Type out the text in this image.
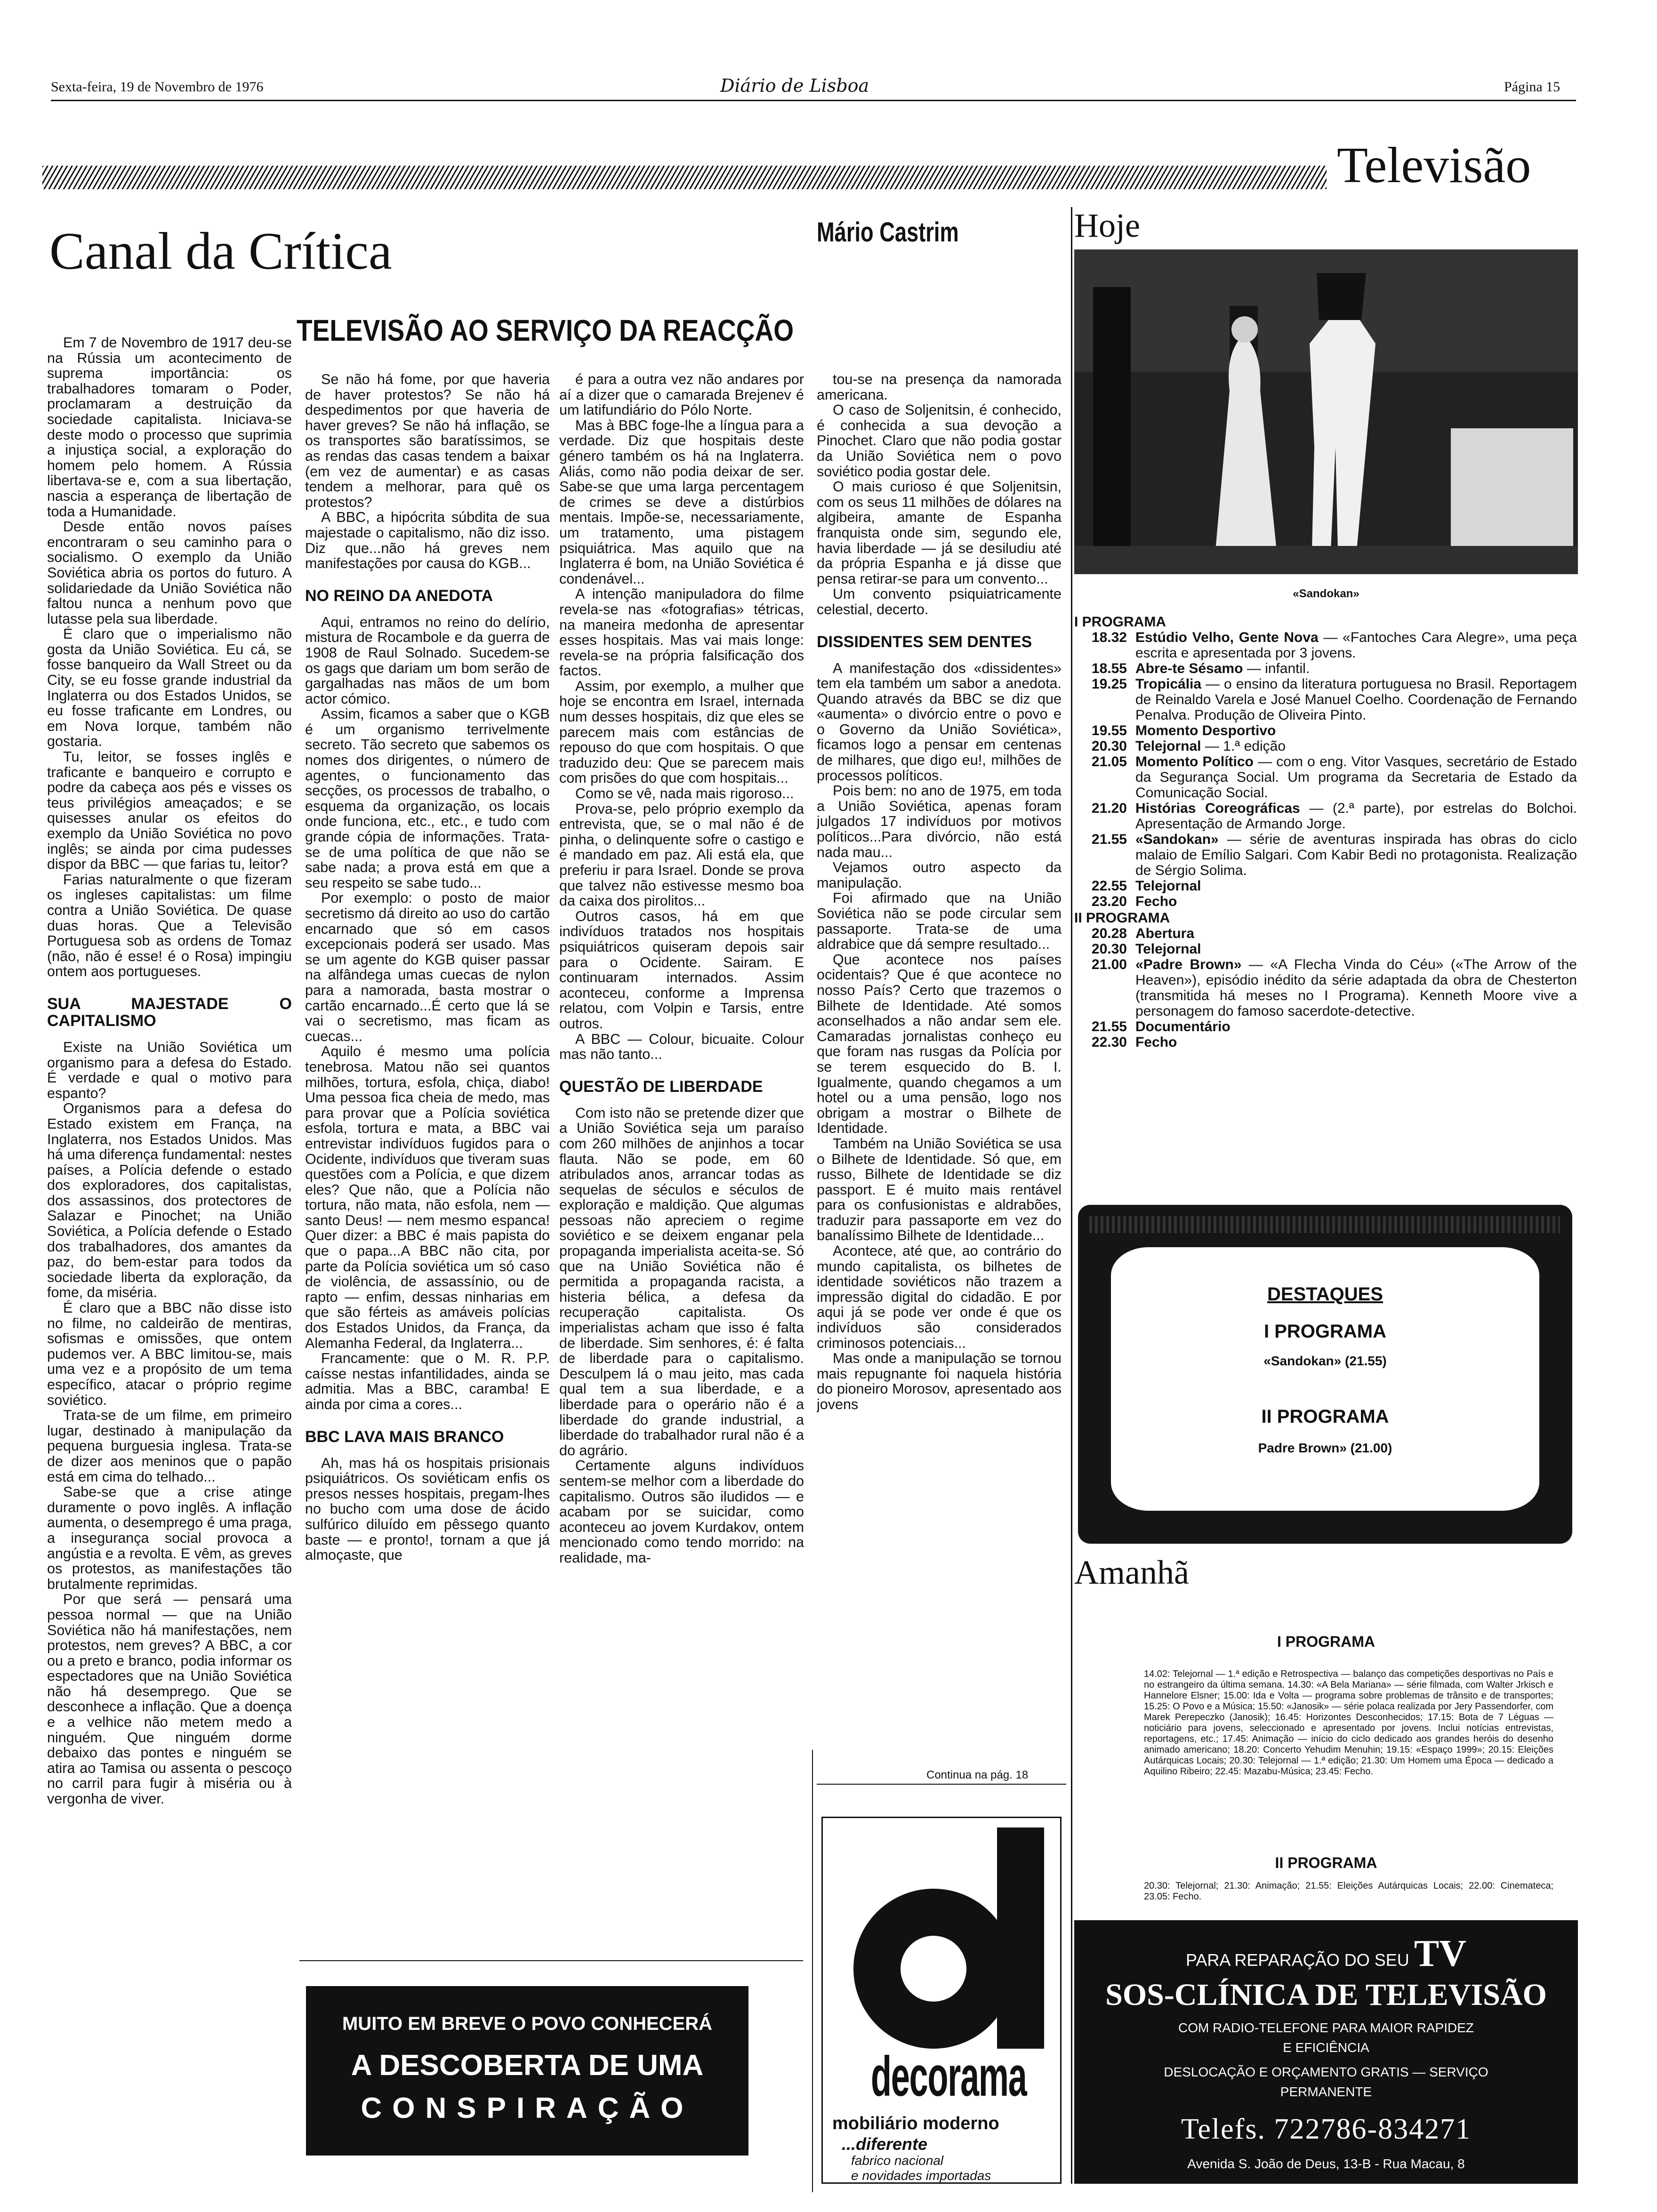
Sexta-feira, 19 de Novembro de 1976	Diário de Lisboa	Página 15
Televisão
Canal da Crítica	Mário Castrim
TELEVISÃO AO SERVIÇO DA REACÇÃO

Em 7 de Novembro de 1917 deu-se na Rússia um acontecimento de suprema importância: os trabalhadores tomaram o Poder, proclamaram a destruição da sociedade capitalista. Iniciava-se deste modo o processo que suprimia a injustiça social, a exploração do homem pelo homem. A Rússia libertava-se e, com a sua libertação, nascia a esperança de libertação de toda a Humanidade.

Desde então novos países encontraram o seu caminho para o socialismo. O exemplo da União Soviética abria os portos do futuro. A solidariedade da União Soviética não faltou nunca a nenhum povo que lutasse pela sua liberdade.

É claro que o imperialismo não gosta da União Soviética. Eu cá, se fosse banqueiro da Wall Street ou da City, se eu fosse grande industrial da Inglaterra ou dos Estados Unidos, se eu fosse traficante em Londres, ou em Nova Iorque, também não gostaria.

Tu, leitor, se fosses inglês e traficante e banqueiro e corrupto e podre da cabeça aos pés e visses os teus privilégios ameaçados; e se quisesses anular os efeitos do exemplo da União Soviética no povo inglês; se ainda por cima pudesses dispor da BBC — que farias tu, leitor?

Farias naturalmente o que fizeram os ingleses capitalistas: um filme contra a União Soviética. De quase duas horas. Que a Televisão Portuguesa sob as ordens de Tomaz (não, não é esse! é o Rosa) impingiu ontem aos portugueses.

SUA MAJESTADE O CAPITALISMO

Existe na União Soviética um organismo para a defesa do Estado. É verdade e qual o motivo para espanto?

Organismos para a defesa do Estado existem em França, na Inglaterra, nos Estados Unidos. Mas há uma diferença fundamental: nestes países, a Polícia defende o estado dos exploradores, dos capitalistas, dos assassinos, dos protectores de Salazar e Pinochet; na União Soviética, a Polícia defende o Estado dos trabalhadores, dos amantes da paz, do bem-estar para todos da sociedade liberta da exploração, da fome, da miséria.

É claro que a BBC não disse isto no filme, no caldeirão de mentiras, sofismas e omissões, que ontem pudemos ver. A BBC limitou-se, mais uma vez e a propósito de um tema específico, atacar o próprio regime soviético.

Trata-se de um filme, em primeiro lugar, destinado à manipulação da pequena burguesia inglesa. Trata-se de dizer aos meninos que o papão está em cima do telhado...

Sabe-se que a crise atinge duramente o povo inglês. A inflação aumenta, o desemprego é uma praga, a insegurança social provoca a angústia e a revolta. E vêm, as greves os protestos, as manifestações tão brutalmente reprimidas.

Por que será — pensará uma pessoa normal — que na União Soviética não há manifestações, nem protestos, nem greves? A BBC, a cor ou a preto e branco, podia informar os espectadores que na União Soviética não há desemprego. Que se desconhece a inflação. Que a doença e a velhice não metem medo a ninguém. Que ninguém dorme debaixo das pontes e ninguém se atira ao Tamisa ou assenta o pescoço no carril para fugir à miséria ou à vergonha de viver.

Se não há fome, por que haveria de haver protestos? Se não há despedimentos por que haveria de haver greves? Se não há inflação, se os transportes são baratíssimos, se as rendas das casas tendem a baixar (em vez de aumentar) e as casas tendem a melhorar, para quê os protestos?

A BBC, a hipócrita súbdita de sua majestade o capitalismo, não diz isso. Diz que...não há greves nem manifestações por causa do KGB...

NO REINO DA ANEDOTA

Aqui, entramos no reino do delírio, mistura de Rocambole e da guerra de 1908 de Raul Solnado. Sucedem-se os gags que dariam um bom serão de gargalhadas nas mãos de um bom actor cómico.

Assim, ficamos a saber que o KGB é um organismo terrivelmente secreto. Tão secreto que sabemos os nomes dos dirigentes, o número de agentes, o funcionamento das secções, os processos de trabalho, o esquema da organização, os locais onde funciona, etc., etc., e tudo com grande cópia de informações. Trata-se de uma política de que não se sabe nada; a prova está em que a seu respeito se sabe tudo...

Por exemplo: o posto de maior secretismo dá direito ao uso do cartão encarnado que só em casos excepcionais poderá ser usado. Mas se um agente do KGB quiser passar na alfândega umas cuecas de nylon para a namorada, basta mostrar o cartão encarnado...É certo que lá se vai o secretismo, mas ficam as cuecas...

Aquilo é mesmo uma polícia tenebrosa. Matou não sei quantos milhões, tortura, esfola, chiça, diabo! Uma pessoa fica cheia de medo, mas para provar que a Polícia soviética esfola, tortura e mata, a BBC vai entrevistar indivíduos fugidos para o Ocidente, indivíduos que tiveram suas questões com a Polícia, e que dizem eles? Que não, que a Polícia não tortura, não mata, não esfola, nem — santo Deus! — nem mesmo espanca! Quer dizer: a BBC é mais papista do que o papa...A BBC não cita, por parte da Polícia soviética um só caso de violência, de assassínio, ou de rapto — enfim, dessas ninharias em que são férteis as amáveis polícias dos Estados Unidos, da França, da Alemanha Federal, da Inglaterra...

Francamente: que o M. R. P.P. caísse nestas infantilidades, ainda se admitia. Mas a BBC, caramba! E ainda por cima a cores...

BBC LAVA MAIS BRANCO

Ah, mas há os hospitais prisionais psiquiátricos. Os soviéticam enfis os presos nesses hospitais, pregam-lhes no bucho com uma dose de ácido sulfúrico diluído em pêssego quanto baste — e pronto!, tornam a que já almoçaste, que

é para a outra vez não andares por aí a dizer que o camarada Brejenev é um latifundiário do Pólo Norte.

Mas à BBC foge-lhe a língua para a verdade. Diz que hospitais deste género também os há na Inglaterra. Aliás, como não podia deixar de ser. Sabe-se que uma larga percentagem de crimes se deve a distúrbios mentais. Impõe-se, necessariamente, um tratamento, uma pistagem psiquiátrica. Mas aquilo que na Inglaterra é bom, na União Soviética é condenável...

A intenção manipuladora do filme revela-se nas «fotografias» tétricas, na maneira medonha de apresentar esses hospitais. Mas vai mais longe: revela-se na própria falsificação dos factos.

Assim, por exemplo, a mulher que hoje se encontra em Israel, internada num desses hospitais, diz que eles se parecem mais com estâncias de repouso do que com hospitais. O que traduzido deu: Que se parecem mais com prisões do que com hospitais...

Como se vê, nada mais rigoroso...

Prova-se, pelo próprio exemplo da entrevista, que, se o mal não é de pinha, o delinquente sofre o castigo e é mandado em paz. Ali está ela, que preferiu ir para Israel. Donde se prova que talvez não estivesse mesmo boa da caixa dos pirolitos...

Outros casos, há em que indivíduos tratados nos hospitais psiquiátricos quiseram depois sair para o Ocidente. Sairam. E continuaram internados. Assim aconteceu, conforme a Imprensa relatou, com Volpin e Tarsis, entre outros.

A BBC — Colour, bicuaite. Colour mas não tanto...

QUESTÃO DE LIBERDADE

Com isto não se pretende dizer que a União Soviética seja um paraíso com 260 milhões de anjinhos a tocar flauta. Não se pode, em 60 atribulados anos, arrancar todas as sequelas de séculos e séculos de exploração e maldição. Que algumas pessoas não apreciem o regime soviético e se deixem enganar pela propaganda imperialista aceita-se. Só que na União Soviética não é permitida a propaganda racista, a histeria bélica, a defesa da recuperação capitalista. Os imperialistas acham que isso é falta de liberdade. Sim senhores, é: é falta de liberdade para o capitalismo. Desculpem lá o mau jeito, mas cada qual tem a sua liberdade, e a liberdade para o operário não é a liberdade do grande industrial, a liberdade do trabalhador rural não é a do agrário.

Certamente alguns indivíduos sentem-se melhor com a liberdade do capitalismo. Outros são iludidos — e acabam por se suicidar, como aconteceu ao jovem Kurdakov, ontem mencionado como tendo morrido: na realidade, ma-

tou-se na presença da namorada americana.

O caso de Soljenitsin, é conhecido, é conhecida a sua devoção a Pinochet. Claro que não podia gostar da União Soviética nem o povo soviético podia gostar dele.

O mais curioso é que Soljenitsin, com os seus 11 milhões de dólares na algibeira, amante de Espanha franquista onde sim, segundo ele, havia liberdade — já se desiludiu até da própria Espanha e já disse que pensa retirar-se para um convento...

Um convento psiquiatricamente celestial, decerto.

DISSIDENTES SEM DENTES

A manifestação dos «dissidentes» tem ela também um sabor a anedota. Quando através da BBC se diz que «aumenta» o divórcio entre o povo e o Governo da União Soviética», ficamos logo a pensar em centenas de milhares, que digo eu!, milhões de processos políticos.

Pois bem: no ano de 1975, em toda a União Soviética, apenas foram julgados 17 indivíduos por motivos políticos...Para divórcio, não está nada mau...

Vejamos outro aspecto da manipulação.

Foi afirmado que na União Soviética não se pode circular sem passaporte. Trata-se de uma aldrabice que dá sempre resultado...

Que acontece nos países ocidentais? Que é que acontece no nosso País? Certo que trazemos o Bilhete de Identidade. Até somos aconselhados a não andar sem ele. Camaradas jornalistas conheço eu que foram nas rusgas da Polícia por se terem esquecido do B. I. Igualmente, quando chegamos a um hotel ou a uma pensão, logo nos obrigam a mostrar o Bilhete de Identidade.

Também na União Soviética se usa o Bilhete de Identidade. Só que, em russo, Bilhete de Identidade se diz passport. E é muito mais rentável para os confusionistas e aldrabões, traduzir para passaporte em vez do banalíssimo Bilhete de Identidade...

Acontece, até que, ao contrário do mundo capitalista, os bilhetes de identidade soviéticos não trazem a impressão digital do cidadão. E por aqui já se pode ver onde é que os indivíduos são considerados criminosos potenciais...

Mas onde a manipulação se tornou mais repugnante foi naquela história do pioneiro Morosov, apresentado aos jovens

Continua na pág. 18
Hoje
«Sandokan»
I PROGRAMA
18.32 Estúdio Velho, Gente Nova — «Fantoches Cara Alegre», uma peça escrita e apresentada por 3 jovens.
18.55 Abre-te Sésamo — infantil.
19.25 Tropicália — o ensino da literatura portuguesa no Brasil. Reportagem de Reinaldo Varela e José Manuel Coelho. Coordenação de Fernando Penalva. Produção de Oliveira Pinto.
19.55 Momento Desportivo
20.30 Telejornal — 1.ª edição
21.05 Momento Político — com o eng. Vitor Vasques, secretário de Estado da Segurança Social. Um programa da Secretaria de Estado da Comunicação Social.
21.20 Histórias Coreográficas — (2.ª parte), por estrelas do Bolchoi. Apresentação de Armando Jorge.
21.55 «Sandokan» — série de aventuras inspirada has obras do ciclo malaio de Emílio Salgari. Com Kabir Bedi no protagonista. Realização de Sérgio Solima.
22.55 Telejornal
23.20 Fecho
II PROGRAMA
20.28 Abertura
20.30 Telejornal
21.00 «Padre Brown» — «A Flecha Vinda do Céu» («The Arrow of the Heaven»), episódio inédito da série adaptada da obra de Chesterton (transmitida há meses no I Programa). Kenneth Moore vive a personagem do famoso sacerdote-detective.
21.55 Documentário
22.30 Fecho
DESTAQUES
I PROGRAMA
«Sandokan» (21.55)
II PROGRAMA
Padre Brown» (21.00)
Amanhã
I PROGRAMA
14.02: Telejornal — 1.ª edição e Retrospectiva — balanço das competições desportivas no País e no estrangeiro da última semana. 14.30: «A Bela Mariana» — série filmada, com Walter Jrkisch e Hannelore Elsner; 15.00: Ida e Volta — programa sobre problemas de trânsito e de transportes; 15.25: O Povo e a Música; 15.50: «Janosik» — série polaca realizada por Jery Passendorfer, com Marek Perepeczko (Janosik); 16.45: Horizontes Desconhecidos; 17.15: Bota de 7 Léguas — noticiário para jovens, seleccionado e apresentado por jovens. Inclui notícias entrevistas, reportagens, etc.; 17.45: Animação — início do ciclo dedicado aos grandes heróis do desenho animado americano; 18.20: Concerto Yehudim Menuhin; 19.15: «Espaço 1999»; 20.15: Eleições Autárquicas Locais; 20.30: Telejornal — 1.ª edição; 21.30: Um Homem uma Época — dedicado a Aquilino Ribeiro; 22.45: Mazabu-Música; 23.45: Fecho.
II PROGRAMA
20.30: Telejornal; 21.30: Animação; 21.55: Eleições Autárquicas Locais; 22.00: Cinemateca; 23.05: Fecho.
PARA REPARAÇÃO DO SEU TV
SOS-CLÍNICA DE TELEVISÃO
COM RADIO-TELEFONE PARA MAIOR RAPIDEZ
E EFICIÊNCIA
DESLOCAÇÃO E ORÇAMENTO GRATIS — SERVIÇO
PERMANENTE
Telefs. 722786-834271
Avenida S. João de Deus, 13-B - Rua Macau, 8
MUITO EM BREVE O POVO CONHECERÁ
A DESCOBERTA DE UMA
CONSPIRAÇÃO
d
decorama
mobiliário moderno
...diferente
fabrico nacional
e novidades importadas
